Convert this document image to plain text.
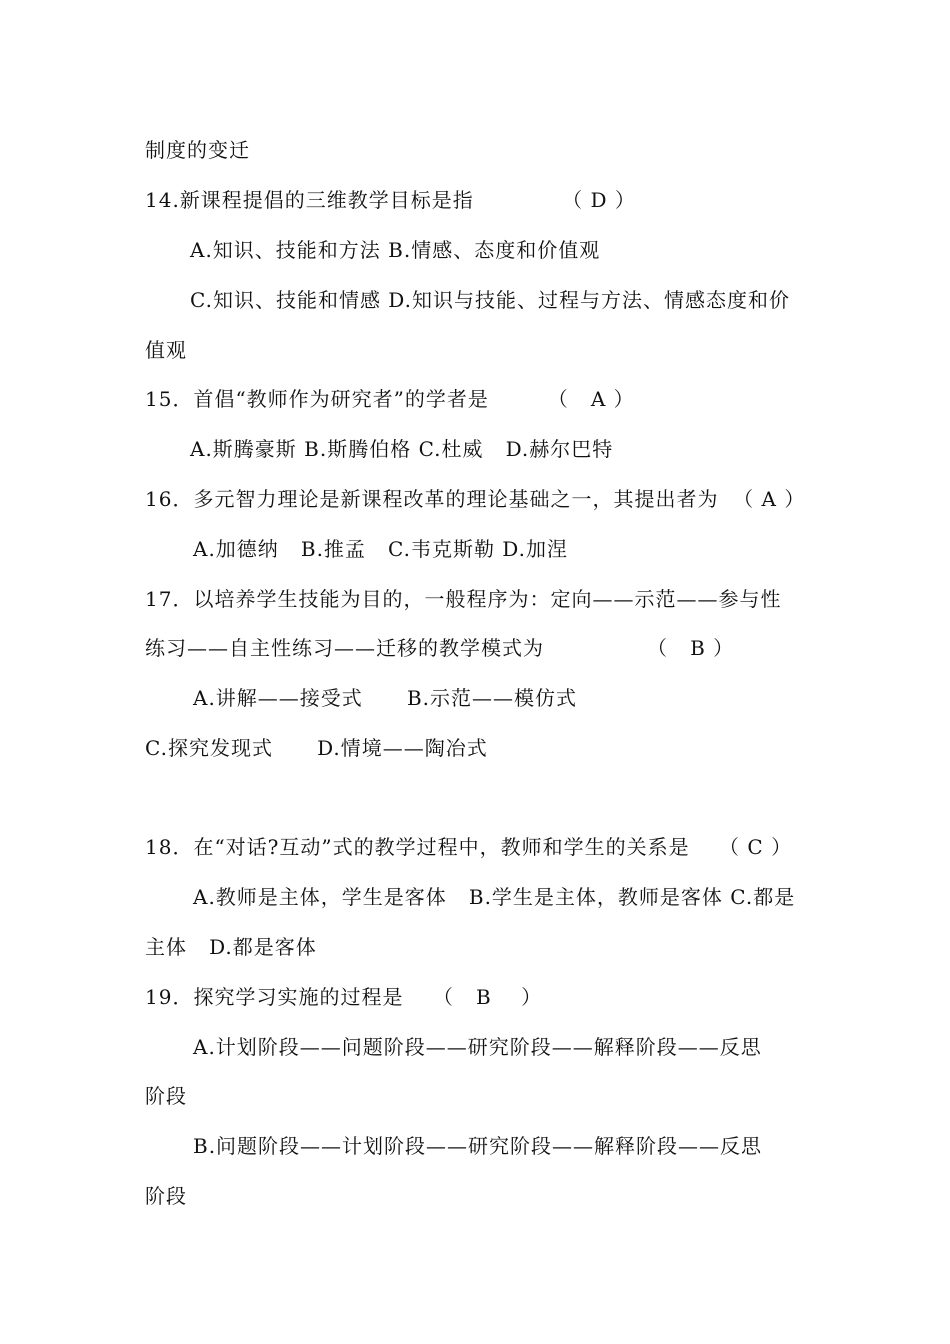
制度的变迁
14.新课程提倡的三维教学目标是指            （ D ）
A.知识、技能和方法 B.情感、态度和价值观
C.知识、技能和情感 D.知识与技能、过程与方法、情感态度和价
值观
15．首倡“教师作为研究者”的学者是        （   A ）
A.斯腾豪斯 B.斯腾伯格 C.杜威   D.赫尔巴特
16．多元智力理论是新课程改革的理论基础之一，其提出者为  （ A ）
A.加德纳   B.推孟   C.韦克斯勒 D.加涅
17．以培养学生技能为目的，一般程序为：定向——示范——参与性
练习——自主性练习——迁移的教学模式为              （   B ）
A.讲解——接受式      B.示范——模仿式
C.探究发现式      D.情境——陶冶式
18．在“对话?互动”式的教学过程中，教师和学生的关系是    （ C ）
A.教师是主体，学生是客体   B.学生是主体，教师是客体 C.都是
主体   D.都是客体
19．探究学习实施的过程是    （   B    ）
A.计划阶段——问题阶段——研究阶段——解释阶段——反思
阶段
B.问题阶段——计划阶段——研究阶段——解释阶段——反思
阶段
